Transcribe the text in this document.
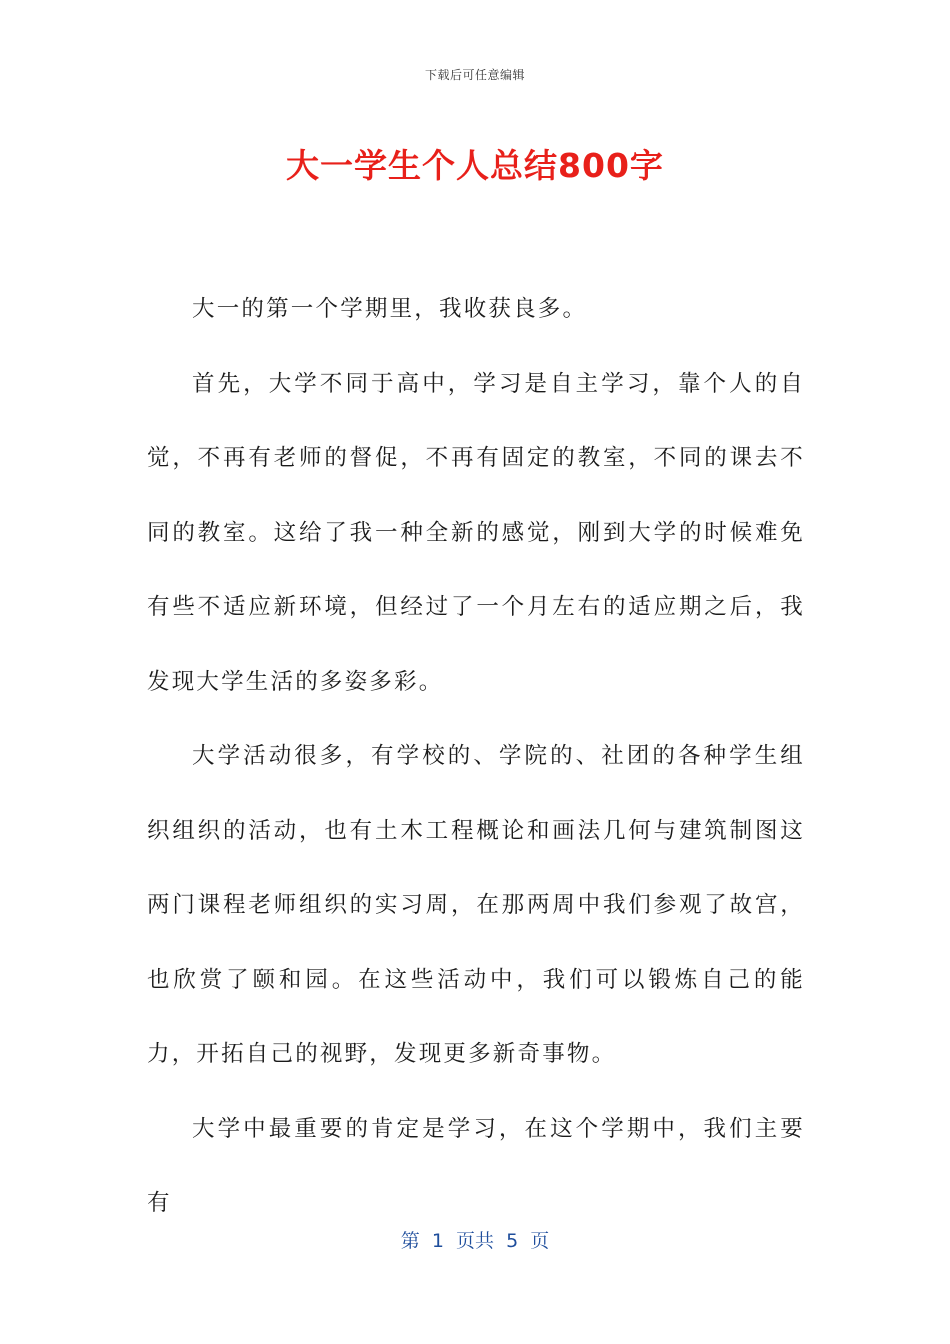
下载后可任意编辑
大一学生个人总结800字

大一的第一个学期里，我收获良多。

首先，大学不同于高中，学习是自主学习，靠个人的自觉，不再有老师的督促，不再有固定的教室，不同的课去不同的教室。这给了我一种全新的感觉，刚到大学的时候难免有些不适应新环境，但经过了一个月左右的适应期之后，我发现大学生活的多姿多彩。

大学活动很多，有学校的、学院的、社团的各种学生组织组织的活动，也有土木工程概论和画法几何与建筑制图这两门课程老师组织的实习周，在那两周中我们参观了故宫，也欣赏了颐和园。在这些活动中，我们可以锻炼自己的能力，开拓自己的视野，发现更多新奇事物。

大学中最重要的肯定是学习，在这个学期中，我们主要有

第  1  页共  5  页
